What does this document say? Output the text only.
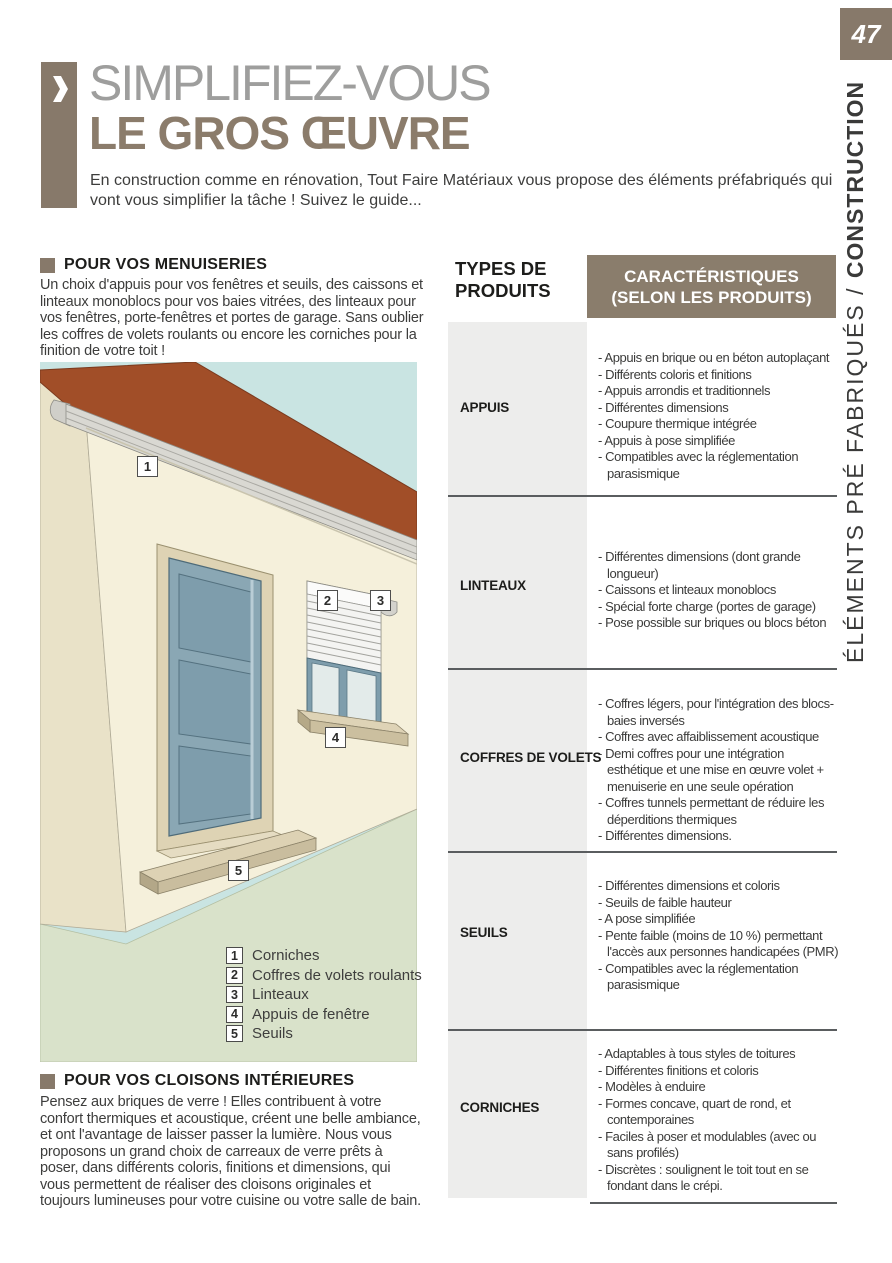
47
ÉLÉMENTS PRÉ FABRIQUÉS / CONSTRUCTION
SIMPLIFIEZ-VOUS
LE GROS ŒUVRE
En construction comme en rénovation, Tout Faire Matériaux vous propose des éléments préfabriqués qui vont vous simplifier la tâche ! Suivez le guide...
POUR VOS MENUISERIES
Un choix d'appuis pour vos fenêtres et seuils, des caissons et linteaux monoblocs pour vos baies vitrées, des linteaux pour vos fenêtres, porte-fenêtres et portes de garage. Sans oublier les coffres de volets roulants ou encore les corniches pour la finition de votre toit !
1
2	3
4
5
1 Corniches
2 Coffres de volets roulants
3 Linteaux
4 Appuis de fenêtre
5 Seuils
POUR VOS CLOISONS INTÉRIEURES
Pensez aux briques de verre ! Elles contribuent à votre confort thermiques et acoustique, créent une belle ambiance, et ont l'avantage de laisser passer la lumière. Nous vous proposons un grand choix de carreaux de verre prêts à poser, dans différents coloris, finitions et dimensions, qui vous permettent de réaliser des cloisons originales et toujours lumineuses pour votre cuisine ou votre salle de bain.
TYPES DE PRODUITS
CARACTÉRISTIQUES (SELON LES PRODUITS)
APPUIS
LINTEAUX
COFFRES DE VOLETS
SEUILS
CORNICHES
- Appuis en brique ou en béton autoplaçant
- Différents coloris et finitions
- Appuis arrondis et traditionnels
- Différentes dimensions
- Coupure thermique intégrée
- Appuis à pose simplifiée
- Compatibles avec la réglementation parasismique
- Différentes dimensions (dont grande longueur)
- Caissons et linteaux monoblocs
- Spécial forte charge (portes de garage)
- Pose possible sur briques ou blocs béton
- Coffres légers, pour l'intégration des blocs-baies inversés
- Coffres avec affaiblissement acoustique
- Demi coffres pour une intégration esthétique et une mise en œuvre volet + menuiserie en une seule opération
- Coffres tunnels permettant de réduire les déperditions thermiques
- Différentes dimensions.
- Différentes dimensions et coloris
- Seuils de faible hauteur
- A pose simplifiée
- Pente faible (moins de 10 %) permettant l'accès aux personnes handicapées (PMR)
- Compatibles avec la réglementation parasismique
- Adaptables à tous styles de toitures
- Différentes finitions et coloris
- Modèles à enduire
- Formes concave, quart de rond, et contemporaines
- Faciles à poser et modulables (avec ou sans profilés)
- Discrètes : soulignent le toit tout en se fondant dans le crépi.
